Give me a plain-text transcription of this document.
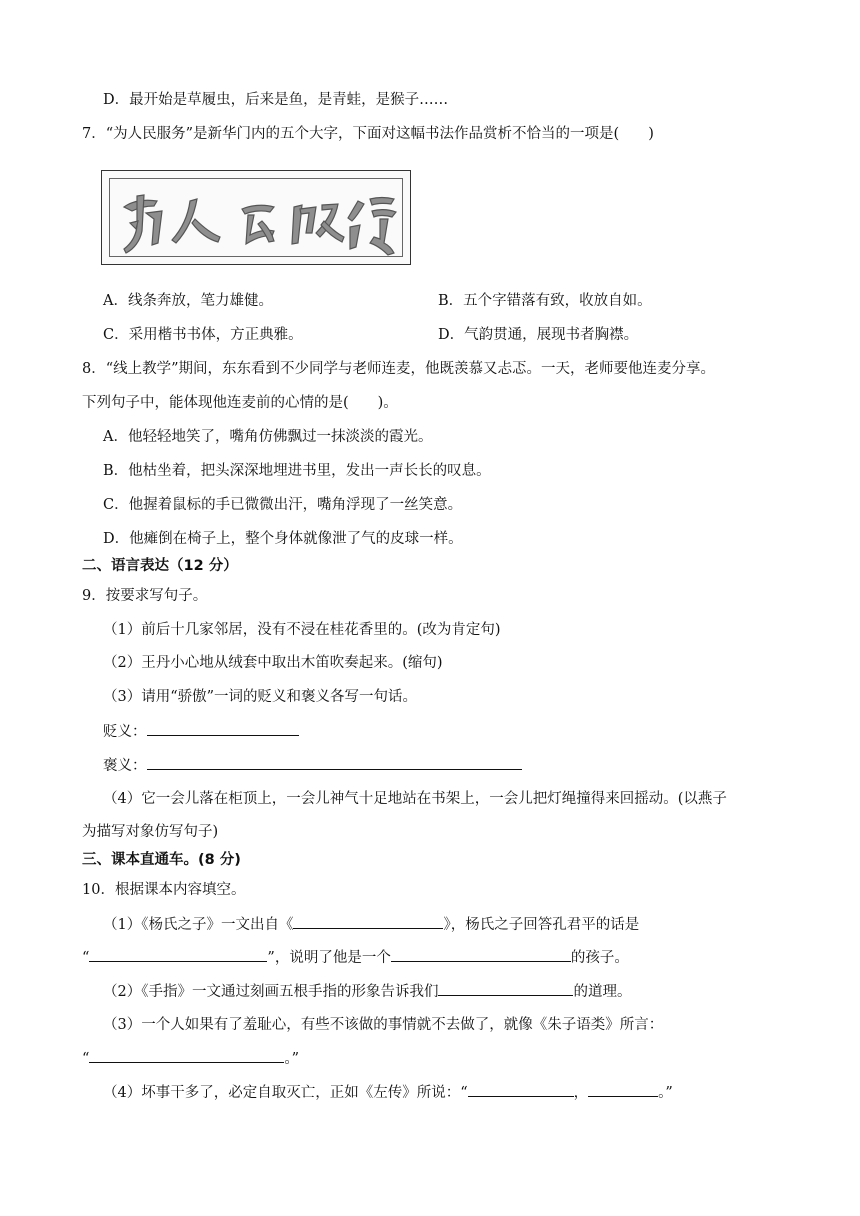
D．最开始是草履虫，后来是鱼，是青蛙，是猴子……
7．“为人民服务”是新华门内的五个大字，下面对这幅书法作品赏析不恰当的一项是(　　)
A．线条奔放，笔力雄健。	B．五个字错落有致，收放自如。
C．采用楷书书体，方正典雅。	D．气韵贯通，展现书者胸襟。
8．“线上教学”期间，东东看到不少同学与老师连麦，他既羡慕又忐忑。一天，老师要他连麦分享。
下列句子中，能体现他连麦前的心情的是(　　)。
A．他轻轻地笑了，嘴角仿佛飘过一抹淡淡的霞光。
B．他枯坐着，把头深深地埋进书里，发出一声长长的叹息。
C．他握着鼠标的手已微微出汗，嘴角浮现了一丝笑意。
D．他瘫倒在椅子上，整个身体就像泄了气的皮球一样。
二、语言表达（12 分）
9．按要求写句子。
（1）前后十几家邻居，没有不浸在桂花香里的。(改为肯定句)
（2）王丹小心地从绒套中取出木笛吹奏起来。(缩句)
（3）请用“骄傲”一词的贬义和褒义各写一句话。
贬义：
褒义：
（4）它一会儿落在柜顶上，一会儿神气十足地站在书架上，一会儿把灯绳撞得来回摇动。(以燕子
为描写对象仿写句子)
三、课本直通车。(8 分)
10．根据课本内容填空。
（1）《杨氏之子》一文出自《	》，杨氏之子回答孔君平的话是
“	”，说明了他是一个	的孩子。
（2）《手指》一文通过刻画五根手指的形象告诉我们	的道理。
（3）一个人如果有了羞耻心，有些不该做的事情就不去做了，就像《朱子语类》所言：
“	。”
（4）坏事干多了，必定自取灭亡，正如《左传》所说：“	，	。”
